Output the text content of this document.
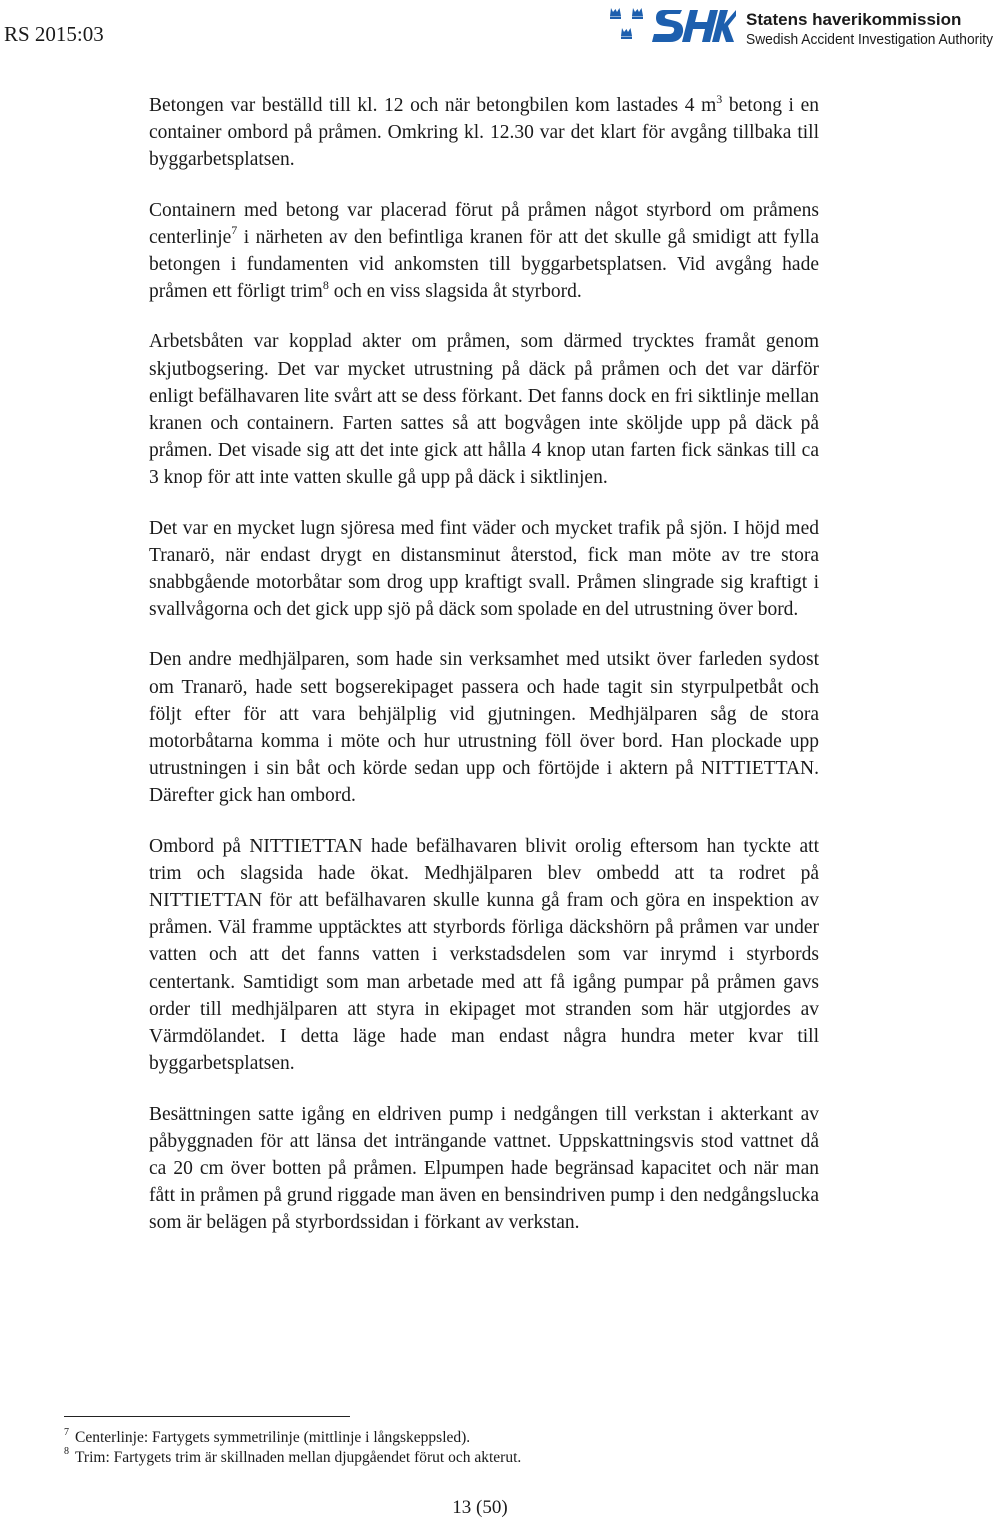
RS 2015:03
Statens haverikommission
Swedish Accident Investigation Authority

Betongen var beställd till kl. 12 och när betongbilen kom lastades 4 $m^3$ betong i en container ombord på pråmen. Omkring kl. 12.30 var det klart för avgång tillbaka till byggarbetsplatsen.

Containern med betong var placerad förut på pråmen något styrbord om pråmens centerlinje$^7$ i närheten av den befintliga kranen för att det skulle gå smidigt att fylla betongen i fundamenten vid ankomsten till byggarbetsplatsen. Vid avgång hade pråmen ett förligt trim$^8$ och en viss slagsida åt styrbord.

Arbetsbåten var kopplad akter om pråmen, som därmed trycktes framåt genom skjutbogsering. Det var mycket utrustning på däck på pråmen och det var därför enligt befälhavaren lite svårt att se dess förkant. Det fanns dock en fri siktlinje mellan kranen och containern. Farten sattes så att bogvågen inte sköljde upp på däck på pråmen. Det visade sig att det inte gick att hålla 4 knop utan farten fick sänkas till ca 3 knop för att inte vatten skulle gå upp på däck i siktlinjen.

Det var en mycket lugn sjöresa med fint väder och mycket trafik på sjön. I höjd med Tranarö, när endast drygt en distansminut återstod, fick man möte av tre stora snabbgående motorbåtar som drog upp kraftigt svall. Pråmen slingrade sig kraftigt i svallvågorna och det gick upp sjö på däck som spolade en del utrustning över bord.

Den andre medhjälparen, som hade sin verksamhet med utsikt över farleden sydost om Tranarö, hade sett bogserekipaget passera och hade tagit sin styrpulpetbåt och följt efter för att vara behjälplig vid gjutningen. Medhjälparen såg de stora motorbåtarna komma i möte och hur utrustning föll över bord. Han plockade upp utrustningen i sin båt och körde sedan upp och förtöjde i aktern på NITTIETTAN. Därefter gick han ombord.

Ombord på NITTIETTAN hade befälhavaren blivit orolig eftersom han tyckte att trim och slagsida hade ökat. Medhjälparen blev ombedd att ta rodret på NITTIETTAN för att befälhavaren skulle kunna gå fram och göra en inspektion av pråmen. Väl framme upptäcktes att styrbords förliga däckshörn på pråmen var under vatten och att det fanns vatten i verkstadsdelen som var inrymd i styrbords centertank. Samtidigt som man arbetade med att få igång pumpar på pråmen gavs order till medhjälparen att styra in ekipaget mot stranden som här utgjordes av Värmdölandet. I detta läge hade man endast några hundra meter kvar till byggarbetsplatsen.

Besättningen satte igång en eldriven pump i nedgången till verkstan i akterkant av påbyggnaden för att länsa det inträngande vattnet. Uppskattningsvis stod vattnet då ca 20 cm över botten på pråmen. Elpumpen hade begränsad kapacitet och när man fått in pråmen på grund riggade man även en bensindriven pump i den nedgångslucka som är belägen på styrbordssidan i förkant av verkstan.

$^7$ Centerlinje: Fartygets symmetrilinje (mittlinje i långskeppsled).

$^8$ Trim: Fartygets trim är skillnaden mellan djupgåendet förut och akterut.

13 (50)
